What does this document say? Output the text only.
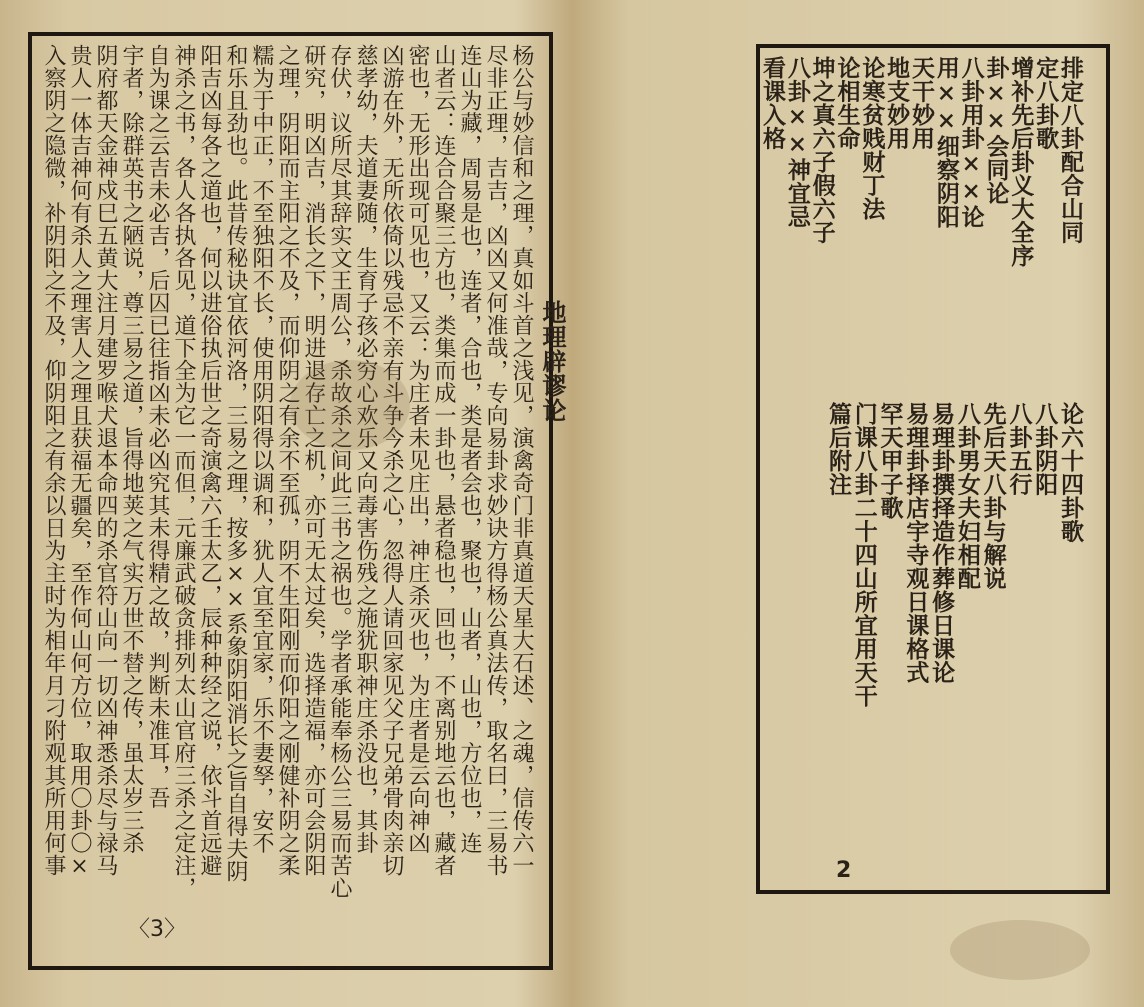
杨公与妙信和之理，真如斗首之浅见，演禽奇门非真道天星大石述、之魂，信传六一
尽非正理，吉吉，凶凶又何准哉，专向易卦求妙诀方得杨公真法传，取名曰，三易书
连山为藏，周易是也，连者，合也，类是者会也，聚也，山者，山也，方位也，连
山者云：连合合聚三方也，类集而成一卦也，悬者稳也，回也，不离别地云也，藏者
密也，无形出现可见也，又云：为庄者未见庄出，神庄杀灭也，为庄者是云向神凶
凶游在外，无所依倚以残忌不亲有斗争今杀之心，忽得人请回家见父子兄弟骨肉亲切
慈孝幼，夫道妻随，生育子孩必穷心欢乐又向毒害伤残之施犹职神庄杀没也，其卦
存伏，议所尽其辞实文王周公，杀故杀之间此三书之祸也。学者承能奉杨公三易而苦心
研究，明凶吉，消长之下，明进退存亡之机，亦可无太过矣，选择造福，亦可会阴阳
之理，阴阳而主阳之不及，而仰阴之有余不至孤，阴不生阳刚而仰阳之刚健补阴之柔
糯为于中正，不至独阳不长，使用阴阳得以调和，犹人宜至宜家，乐不妻孥，安不
和乐且劲也。此昔传秘诀宜依河洛，三易之理，按多××系象阴阳消长之旨自得夫阴
阳吉凶每各之道也，何以进俗执后世之奇演禽六壬太乙，辰种种经之说，依斗首远避
神杀之书，各人各执各见，道下全为它一而但，元廉武破贪排列太山官府三杀之定注，
自为课之云吉未必吉，后囚已往指凶未必凶究其未得精之故，判断未准耳，吾
宇者，除群英书之陋说，尊三易之道，旨得地荚之气实万世不替之传，虽太岁三杀
阴府都天金神戍巳五黄大注月建罗喉犬退本命四的杀官符山向一切凶神悉杀尽与禄马
贵人一体吉神何有杀人之理害人之理且获福无疆矣，至作何山何方位，取用〇卦〇×
入察阴之隐微，补阴阳之不及，仰阴阳之有余以日为主时为相年月刁附观其所用何事	地理辟谬论
〈3〉
排定八卦配合山同
定八卦歌
增补先后卦义大全序
卦××会同论
八卦用卦××论
用××细察阴阳
天干妙用
地支妙用
论寒贫贱财丁法
论相生命
坤之真六子假六子
八卦××神宜忌
看课入格
论六十四卦歌
八卦阴阳
八卦五行
先后天八卦与解说
八卦男女夫妇相配
易理卦撰择造作葬修日课论
易理卦择店宇寺观日课格式
罕天甲子歌
门课八卦二十四山所宜用天干
篇后附注

2
